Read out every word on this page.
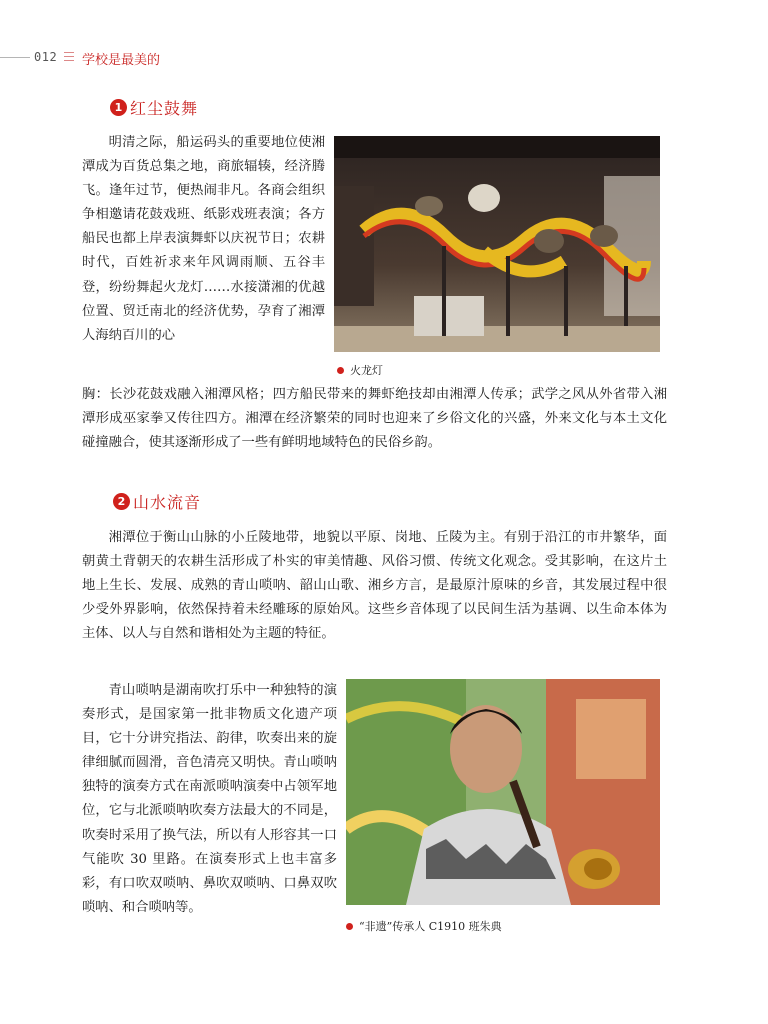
012 学校是最美的
1 红尘鼓舞

明清之际，船运码头的重要地位使湘潭成为百货总集之地，商旅辐辏，经济腾飞。逢年过节，便热闹非凡。各商会组织争相邀请花鼓戏班、纸影戏班表演；各方船民也都上岸表演舞虾以庆祝节日；农耕时代，百姓祈求来年风调雨顺、五谷丰登，纷纷舞起火龙灯……水接潇湘的优越位置、贸迁南北的经济优势，孕育了湘潭人海纳百川的心

胸：长沙花鼓戏融入湘潭风格；四方船民带来的舞虾绝技却由湘潭人传承；武学之风从外省带入湘潭形成巫家拳又传往四方。湘潭在经济繁荣的同时也迎来了乡俗文化的兴盛，外来文化与本土文化碰撞融合，使其逐渐形成了一些有鲜明地域特色的民俗乡韵。

火龙灯
2 山水流音

湘潭位于衡山山脉的小丘陵地带，地貌以平原、岗地、丘陵为主。有别于沿江的市井繁华，面朝黄土背朝天的农耕生活形成了朴实的审美情趣、风俗习惯、传统文化观念。受其影响，在这片土地上生长、发展、成熟的青山唢呐、韶山山歌、湘乡方言，是最原汁原味的乡音，其发展过程中很少受外界影响，依然保持着未经雕琢的原始风。这些乡音体现了以民间生活为基调、以生命本体为主体、以人与自然和谐相处为主题的特征。

青山唢呐是湖南吹打乐中一种独特的演奏形式，是国家第一批非物质文化遗产项目，它十分讲究指法、韵律，吹奏出来的旋律细腻而圆滑，音色清亮又明快。青山唢呐独特的演奏方式在南派唢呐演奏中占领军地位，它与北派唢呐吹奏方法最大的不同是，吹奏时采用了换气法，所以有人形容其一口气能吹 30 里路。在演奏形式上也丰富多彩，有口吹双唢呐、鼻吹双唢呐、口鼻双吹唢呐、和合唢呐等。

“非遗”传承人 C1910 班朱典
